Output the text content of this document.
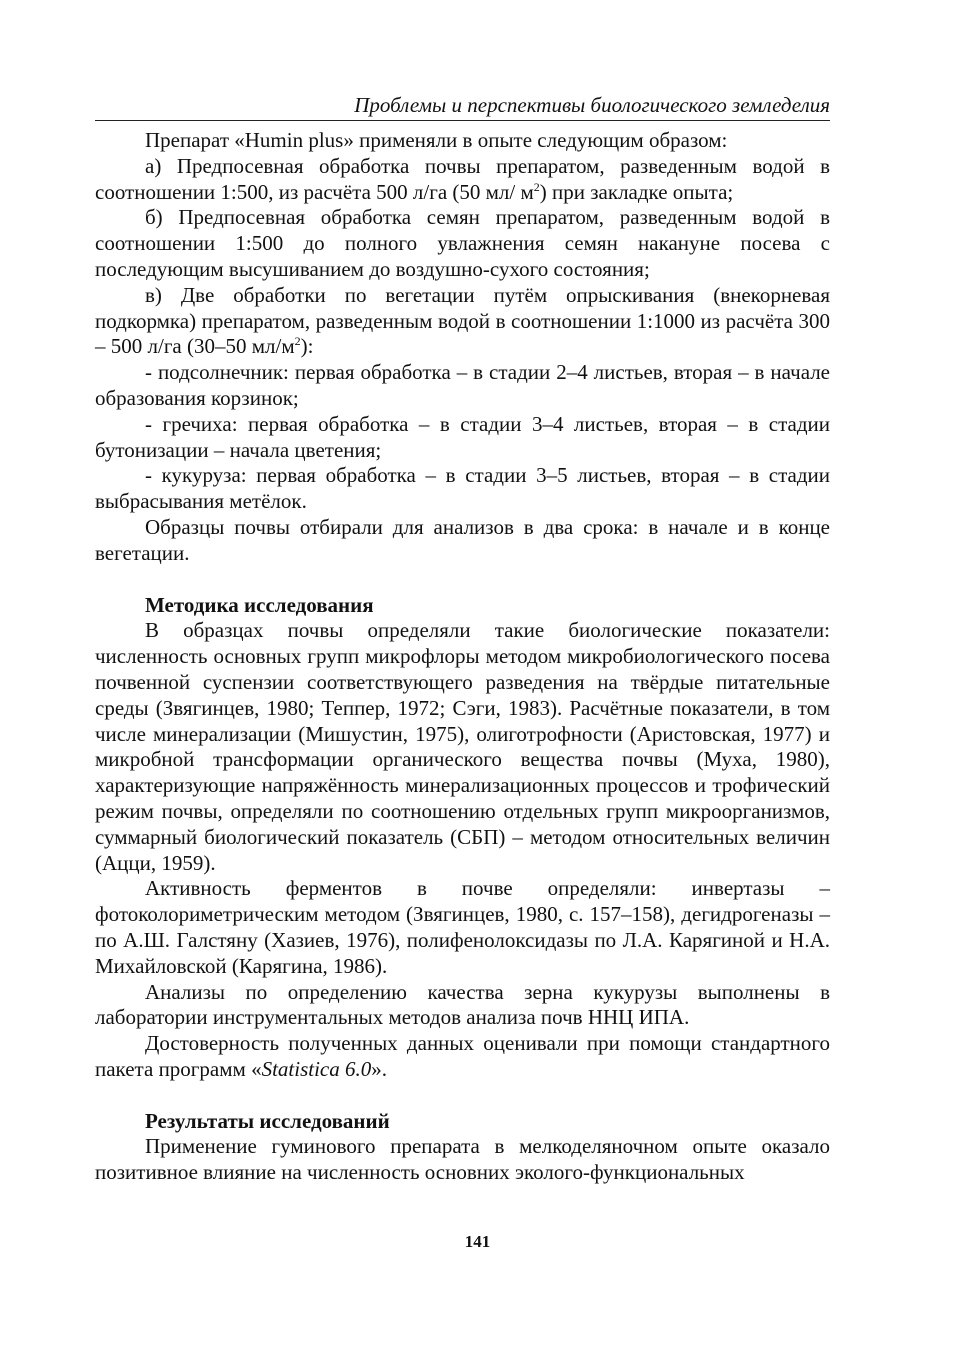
Проблемы и перспективы биологического земледелия

Препарат «Humin plus» применяли в опыте следующим образом:

а) Предпосевная обработка почвы препаратом, разведенным водой в соотношении 1:500, из расчёта 500 л/га (50 мл/ $м^2$) при закладке опыта;

б) Предпосевная обработка семян препаратом, разведенным водой в соотношении 1:500 до полного увлажнения семян накануне посева с последующим высушиванием до воздушно-сухого состояния;

в) Две обработки по вегетации путём опрыскивания (внекорневая подкормка) препаратом, разведенным водой в соотношении 1:1000 из расчёта 300 – 500 л/га (30–50 $мл/м^2$):

- подсолнечник: первая обработка – в стадии 2–4 листьев, вторая – в начале образования корзинок;

- гречиха: первая обработка – в стадии 3–4 листьев, вторая – в стадии бутонизации – начала цветения;

- кукуруза: первая обработка – в стадии 3–5 листьев, вторая – в стадии выбрасывания метёлок.

Образцы почвы отбирали для анализов в два срока: в начале и в конце вегетации.

Методика исследования

В образцах почвы определяли такие биологические показатели: численность основных групп микрофлоры методом микробиологического посева почвенной суспензии соответствующего разведения на твёрдые питательные среды (Звягинцев, 1980; Теппер, 1972; Сэги, 1983). Расчётные показатели, в том числе минерализации (Мишустин, 1975), олиготрофности (Аристовская, 1977) и микробной трансформации органического вещества почвы (Муха, 1980), характеризующие напряжённость минерализационных процессов и трофический режим почвы, определяли по соотношению отдельных групп микроорганизмов, суммарный биологический показатель (СБП) – методом относительных величин (Ацци, 1959).

Активность ферментов в почве определяли: инвертазы – фотоколориметрическим методом (Звягинцев, 1980, с. 157–158), дегидрогеназы – по А.Ш. Галстяну (Хазиев, 1976), полифенолоксидазы по Л.А. Карягиной и Н.А. Михайловской (Карягина, 1986).

Анализы по определению качества зерна кукурузы выполнены в лаборатории инструментальных методов анализа почв ННЦ ИПА.

Достоверность полученных данных оценивали при помощи стандартного пакета программ «Statistica 6.0».

Результаты исследований

Применение гуминового препарата в мелкоделяночном опыте оказало позитивное влияние на численность основних эколого-функциональных

141
